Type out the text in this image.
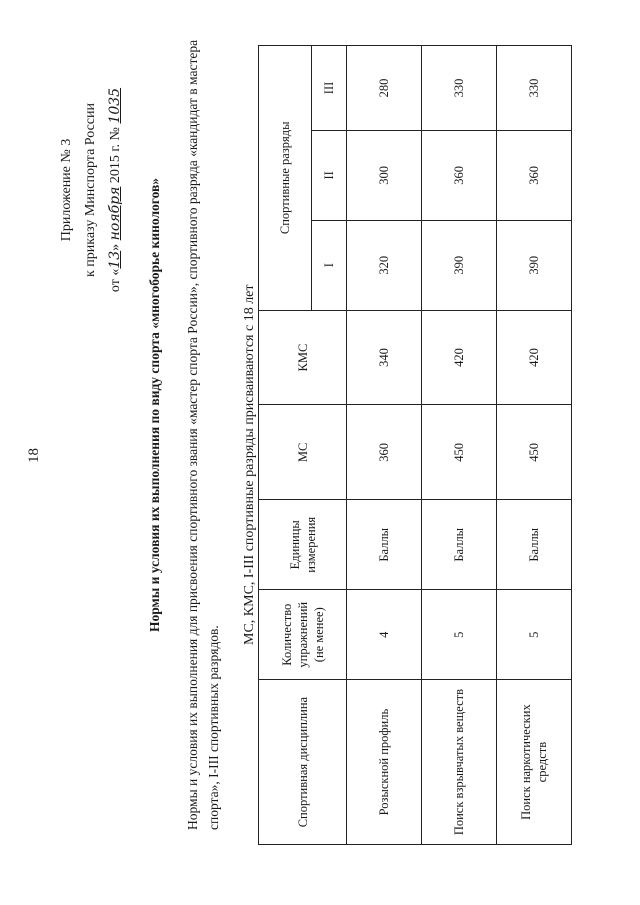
18
Приложение № 3 к приказу Минспорта России
от «13» ноября 2015 г. № 1035
Нормы и условия их выполнения по виду спорта «многоборье кинологов» Нормы и условия их выполнения для присвоения спортивного звания «мастер спорта России», спортивного разряда «кандидат в мастера спорта», I-III спортивных разрядов.
МС, КМС, I-III спортивные разряды присваиваются с 18 лет
Спортивная дисциплина	Количество упражнений (не менее)	Единицы измерения	МС	КМС	Спортивные разряды		
					I	II	III
Розыскной профиль	4	Баллы	360	340	320	300	280
Поиск взрывчатых веществ	5	Баллы	450	420	390	360	330
Поиск наркотических средств	5	Баллы	450	420	390	360	330
